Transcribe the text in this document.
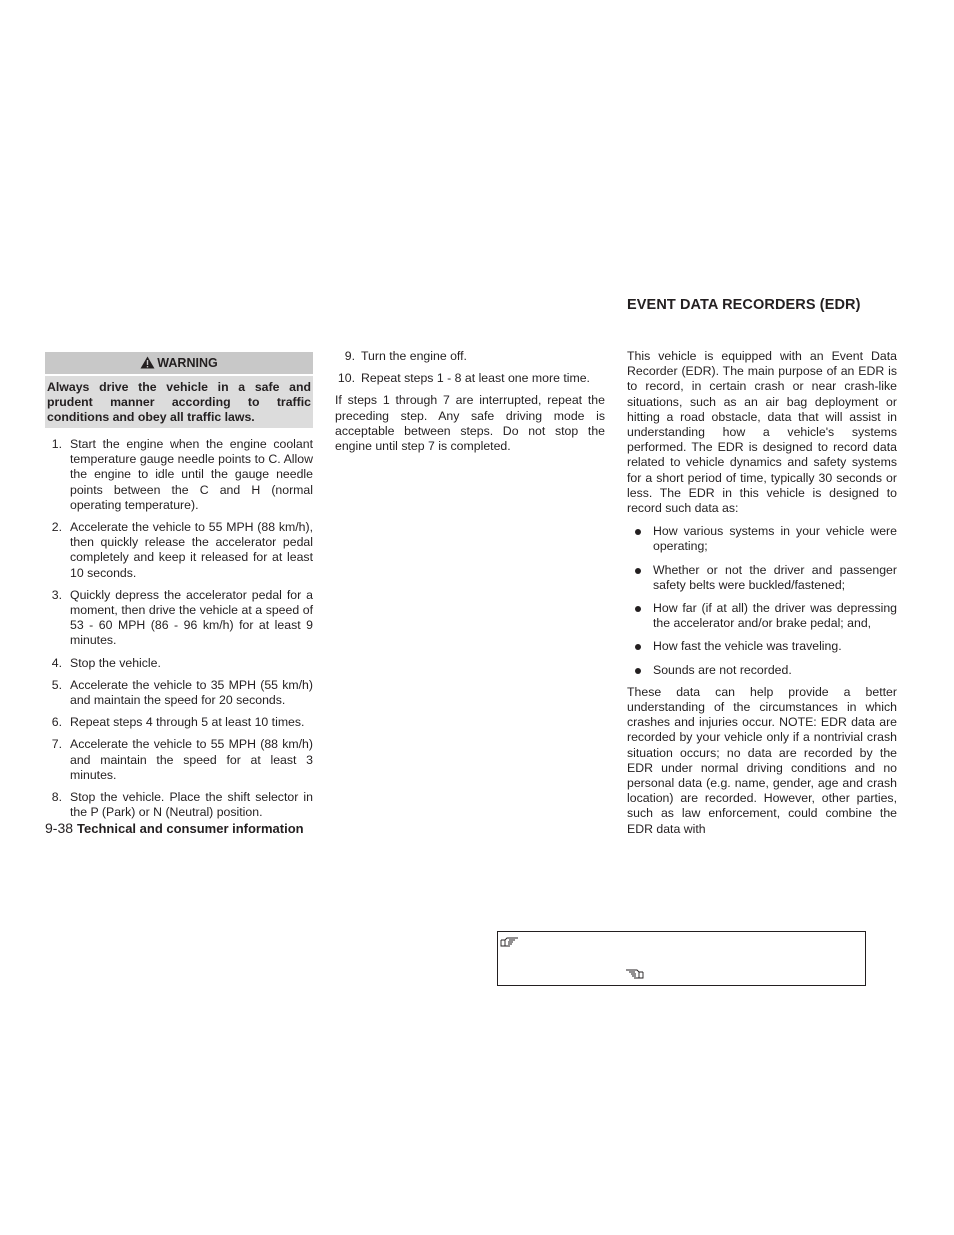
EVENT DATA RECORDERS (EDR)
WARNING
Always drive the vehicle in a safe and prudent manner according to traffic conditions and obey all traffic laws.
1. Start the engine when the engine coolant temperature gauge needle points to C. Allow the engine to idle until the gauge needle points between the C and H (normal operating temperature).
2. Accelerate the vehicle to 55 MPH (88 km/h), then quickly release the accelerator pedal completely and keep it released for at least 10 seconds.
3. Quickly depress the accelerator pedal for a moment, then drive the vehicle at a speed of 53 - 60 MPH (86 - 96 km/h) for at least 9 minutes.
4. Stop the vehicle.
5. Accelerate the vehicle to 35 MPH (55 km/h) and maintain the speed for 20 seconds.
6. Repeat steps 4 through 5 at least 10 times.
7. Accelerate the vehicle to 55 MPH (88 km/h) and maintain the speed for at least 3 minutes.
8. Stop the vehicle. Place the shift selector in the P (Park) or N (Neutral) position.
9. Turn the engine off.
10. Repeat steps 1 - 8 at least one more time.

If steps 1 through 7 are interrupted, repeat the preceding step. Any safe driving mode is acceptable between steps. Do not stop the engine until step 7 is completed.

This vehicle is equipped with an Event Data Recorder (EDR). The main purpose of an EDR is to record, in certain crash or near crash-like situations, such as an air bag deployment or hitting a road obstacle, data that will assist in understanding how a vehicle's systems performed. The EDR is designed to record data related to vehicle dynamics and safety systems for a short period of time, typically 30 seconds or less. The EDR in this vehicle is designed to record such data as:

How various systems in your vehicle were operating;
Whether or not the driver and passenger safety belts were buckled/fastened;
How far (if at all) the driver was depressing the accelerator and/or brake pedal; and,
How fast the vehicle was traveling.
Sounds are not recorded.

These data can help provide a better understanding of the circumstances in which crashes and injuries occur. NOTE: EDR data are recorded by your vehicle only if a nontrivial crash situation occurs; no data are recorded by the EDR under normal driving conditions and no personal data (e.g. name, gender, age and crash location) are recorded. However, other parties, such as law enforcement, could combine the EDR data with

9-38 Technical and consumer information
